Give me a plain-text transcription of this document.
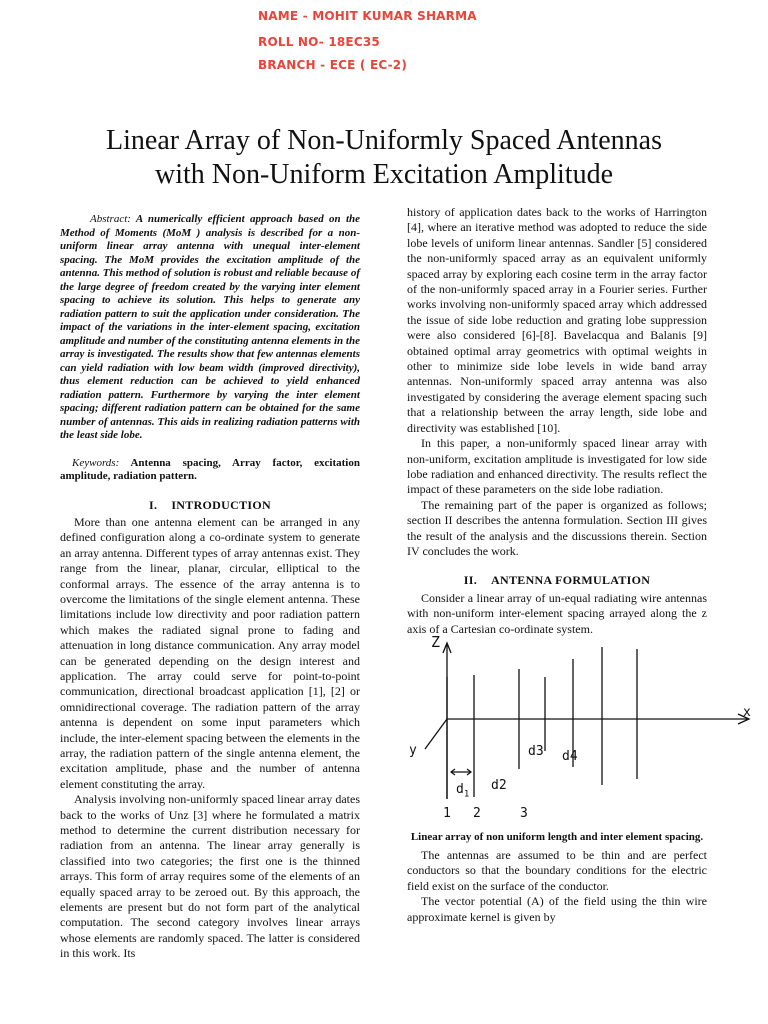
NAME - MOHIT KUMAR SHARMA
ROLL NO- 18EC35
BRANCH - ECE ( EC-2)
Linear Array of Non-Uniformly Spaced Antennas
with Non-Uniform Excitation Amplitude

Abstract: A numerically efficient approach based on the Method of Moments (MoM ) analysis is described for a non-uniform linear array antenna with unequal inter-element spacing. The MoM provides the excitation amplitude of the antenna. This method of solution is robust and reliable because of the large degree of freedom created by the varying inter element spacing to achieve its solution. This helps to generate any radiation pattern to suit the application under consideration. The impact of the variations in the inter-element spacing, excitation amplitude and number of the constituting antenna elements in the array is investigated. The results show that few antennas elements can yield radiation with low beam width (improved directivity), thus element reduction can be achieved to yield enhanced radiation pattern. Furthermore by varying the inter element spacing; different radiation pattern can be obtained for the same number of antennas. This aids in realizing radiation patterns with the least side lobe.

Keywords: Antenna spacing, Array factor, excitation amplitude, radiation pattern.

I. INTRODUCTION

More than one antenna element can be arranged in any defined configuration along a co-ordinate system to generate an array antenna. Different types of array antennas exist. They range from the linear, planar, circular, elliptical to the conformal arrays. The essence of the array antenna is to overcome the limitations of the single element antenna. These limitations include low directivity and poor radiation pattern which makes the radiated signal prone to fading and attenuation in long distance communication. Any array model can be generated depending on the design interest and application. The array could serve for point-to-point communication, directional broadcast application [1], [2] or omnidirectional coverage. The radiation pattern of the array antenna is dependent on some input parameters which include, the inter-element spacing between the elements in the array, the radiation pattern of the single antenna element, the excitation amplitude, phase and the number of antenna element constituting the array.

Analysis involving non-uniformly spaced linear array dates back to the works of Unz [3] where he formulated a matrix method to determine the current distribution necessary for radiation from an antenna. The linear array generally is classified into two categories; the first one is the thinned arrays. This form of array requires some of the elements of an equally spaced array to be zeroed out. By this approach, the elements are present but do not form part of the analytical computation. The second category involves linear arrays whose elements are randomly spaced. The latter is considered in this work. Its

history of application dates back to the works of Harrington [4], where an iterative method was adopted to reduce the side lobe levels of uniform linear antennas. Sandler [5] considered the non-uniformly spaced array as an equivalent uniformly spaced array by exploring each cosine term in the array factor of the non-uniformly spaced array in a Fourier series. Further works involving non-uniformly spaced array which addressed the issue of side lobe reduction and grating lobe suppression were also considered [6]-[8]. Bavelacqua and Balanis [9] obtained optimal array geometrics with optimal weights in other to minimize side lobe levels in wide band array antennas. Non-uniformly spaced array antenna was also investigated by considering the average element spacing such that a relationship between the array length, side lobe and directivity was established [10].

In this paper, a non-uniformly spaced linear array with non-uniform, excitation amplitude is investigated for low side lobe radiation and enhanced directivity. The results reflect the impact of these parameters on the side lobe radiation.

The remaining part of the paper is organized as follows; section II describes the antenna formulation. Section III gives the result of the analysis and the discussions therein. Section IV concludes the work.

II. ANTENNA FORMULATION

Consider a linear array of un-equal radiating wire antennas with non-uniform inter-element spacing arrayed along the z axis of a Cartesian co-ordinate system.

Z
x
y
$d_1$
d2
d3 d4
1 2	3
Linear array of non uniform length and inter element spacing.

The antennas are assumed to be thin and are perfect conductors so that the boundary conditions for the electric field exist on the surface of the conductor.

The vector potential (A) of the field using the thin wire approximate kernel is given by
